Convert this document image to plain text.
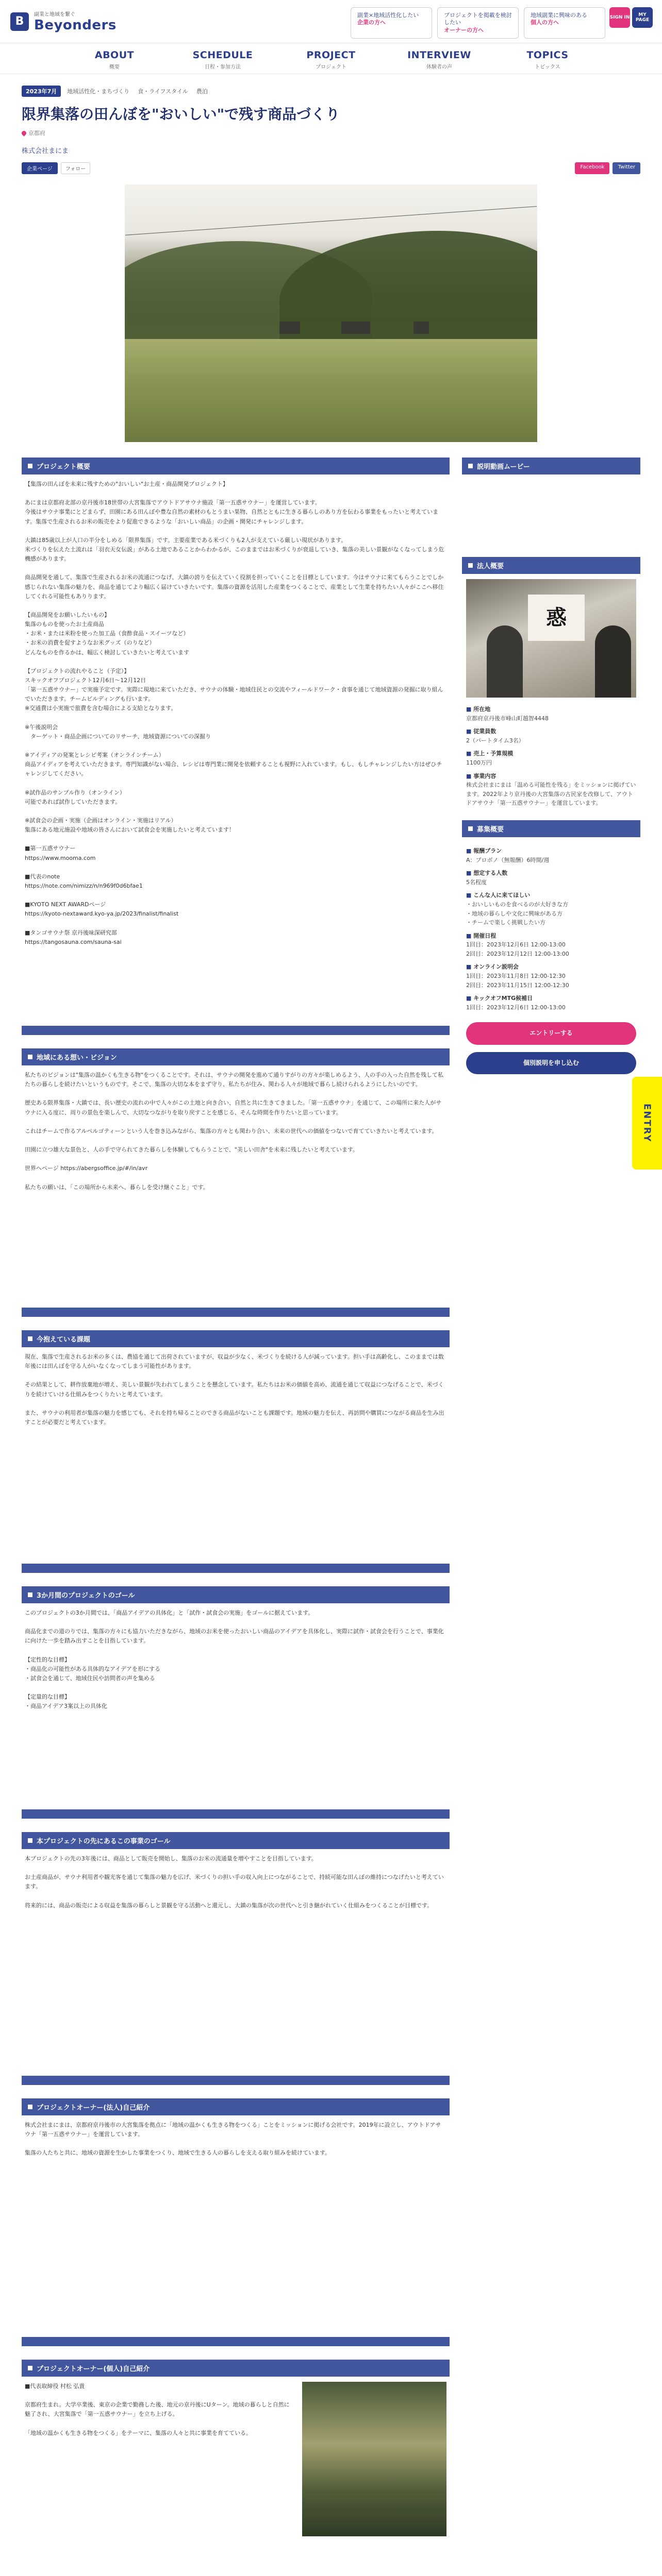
B
副業と地域を繋ぐ
Beyonders
副業×地域活性化したい
企業の方へ
プロジェクトを掲載を検討したい
オーナーの方へ
地域副業に興味のある
個人の方へ
SIGN IN	MY PAGE
ABOUT
概要
SCHEDULE
日程・参加方法
PROJECT
プロジェクト
INTERVIEW
体験者の声
TOPICS
トピックス
2023年7月	地域活性化・まちづくり	食・ライフスタイル	農泊
限界集落の田んぼを"おいしい"で残す商品づくり
京都府
株式会社まにま
企業ページ	フォロー	Facebook	Twitter
プロジェクト概要
【集落の田んぼを未来に残すための"おいしい"お土産・商品開発プロジェクト】

あにまは京都府北部の京丹後市18世帯の大宮集落でアウトドアサウナ施設「第一五惑サウナー」を運営しています。
今後はサウナ事業にとどまらず、田園にある田んぼや豊な自然の素材のもとうまい果物、自然とともに生きる暮らしのあり方を伝わる事業をもったいと考えています。集落で生産されるお米の販売をより促進できるような「おいしい商品」の企画・開発にチャレンジします。

大鎮は85歳以上が人口の半分をしめる「限界集落」です。主要産業である米づくりも2人が支えている厳しい現状があります。
米づくりを伝えた土流れは「羽衣天女伝説」がある土地であることからわかるが、このままではお米づくりが衰退していき、集落の美しい景観がなくなってしまう危機感があります。

商品開発を通して、集落で生産されるお米の流通につなげ、大鎮の誇りを伝えていく役割を担っていくことを目標としています。今はサウナに来てもらうことでしか感じられない集落の魅力を、商品を通じてより幅広く届けていきたいです。集落の資源を活用した産業をつくることで、産業として生業を持ちたい人々がここへ移住してくれる可能性もありります。

【商品開発をお願いしたいもの】
集落のものを使ったお土産商品
・お米・または米粉を使った加工品（食酢食品・スイーツなど）
・お米の消費を促すようなお米グッズ（のりなど）
どんなものを作るかは、幅広く検討していきたいと考えています

【プロジェクトの流れやること（予定）】
スキックオフプロジェクト12月6日〜12月12日
「第一五惑サウナー」で実施予定です。実際に現地に来ていただき、サウナの体験・地域住民との交流やフィールドワーク・食事を通じて地域資源の発掘に取り組んでいただきます。チームビルディングも行います。
※交通費は小実施で旅費を含む場合による支給となります。

※午後説明会
　ターゲット・商品企画についてのリサーチ、地域資源についての深掘り

※アイディアの発案とレシピ考案（オンラインチーム）
商品アイディアを考えていただきます。専門知識がない場合、レシピは専門業に開発を依頼することも視野に入れています。もし、もしチャレンジしたい方はぜひチャレンジしてください。

※試作品のサンプル作り（オンライン）
可能であれば試作していただきます。

※試食会の企画・実施（企画はオンライン・実施はリアル）
集落にある地元施設や地域の皆さんにおいて試食会を実施したいと考えています！

■第一五惑サウナー
https://www.mooma.com

■代表のnote
https://note.com/nimizz/n/n969f0d6bfae1

■KYOTO NEXT AWARDページ
https://kyoto-nextaward.kyo-ya.jp/2023/finalist/finalist

■タンゴサウナ祭 京丹後味深研究部
https://tangosauna.com/sauna-sai
地域にある想い・ビジョン
私たちのビジョンは"集落の温かくも生きる物"をつくることです。それは、サウナの開発を進めて通りすがりの方々が楽しめるよう、人の手の入った自然を残して私たちの暮らしを続けたいというものです。そこで、集落の大切な本をまず守り、私たちが住み、関わる人々が地域で暮らし続けられるようにしたいのです。

歴史ある限界集落・大鎮では、長い歴史の流れの中で人々がこの土地と向き合い、自然と共に生きてきました。「第一五惑サウナ」を通じて、この場所に来た人がサウナに入る度に、周りの景色を楽しんで、大切なつながりを取り戻すことを感じる、そんな時間を作りたいと思っています。

これはチームで作るアルペルゴティーンという人を巻き込みながら、集落の方々とも関わり合い、未来の世代への価値をつないで育てていきたいと考えています。

田園に立つ雄大な景色と、人の手で守られてきた暮らしを体験してもらうことで、"美しい田舎"を未来に残したいと考えています。

世界へページ https://abergsoffice.jp/#/in/avr

私たちの願いは、「この場所から未来へ、暮らしを受け継ぐこと」です。
今抱えている課題
現在、集落で生産されるお米の多くは、農協を通じて出荷されていますが、収益が少なく、米づくりを続ける人が減っています。担い手は高齢化し、このままでは数年後には田んぼを守る人がいなくなってしまう可能性があります。

その結果として、耕作放棄地が増え、美しい景観が失われてしまうことを懸念しています。私たちはお米の価値を高め、流通を通じて収益につなげることで、米づくりを続けていける仕組みをつくりたいと考えています。

また、サウナの利用者が集落の魅力を感じても、それを持ち帰ることのできる商品がないことも課題です。地域の魅力を伝え、再訪問や購買につながる商品を生み出すことが必要だと考えています。
3か月間のプロジェクトのゴール
このプロジェクトの3か月間では、「商品アイデアの具体化」と「試作・試食会の実施」をゴールに据えています。

商品化までの道のりでは、集落の方々にも協力いただきながら、地域のお米を使ったおいしい商品のアイデアを具体化し、実際に試作・試食会を行うことで、事業化に向けた一歩を踏み出すことを目指しています。

【定性的な目標】
・商品化の可能性がある具体的なアイデアを形にする
・試食会を通じて、地域住民や訪問者の声を集める

【定量的な目標】
・商品アイデア3案以上の具体化
本プロジェクトの先にあるこの事業のゴール
本プロジェクトの先の3年後には、商品として販売を開始し、集落のお米の流通量を増やすことを目指しています。

お土産商品が、サウナ利用者や観光客を通じて集落の魅力を広げ、米づくりの担い手の収入向上につながることで、持続可能な田んぼの維持につなげたいと考えています。

将来的には、商品の販売による収益を集落の暮らしと景観を守る活動へと還元し、大鎮の集落が次の世代へと引き継がれていく仕組みをつくることが目標です。
プロジェクトオーナー(法人)自己紹介
株式会社まにまは、京都府京丹後市の大宮集落を拠点に「地域の温かくも生きる物をつくる」ことをミッションに掲げる会社です。2019年に設立し、アウトドアサウナ「第一五惑サウナー」を運営しています。

集落の人たちと共に、地域の資源を生かした事業をつくり、地域で生きる人の暮らしを支える取り組みを続けています。
プロジェクトオーナー(個人)自己紹介
■代表取締役 村松 弘貴

京都府生まれ。大学卒業後、東京の企業で勤務した後、地元の京丹後にUターン。地域の暮らしと自然に魅了され、大宮集落で「第一五惑サウナー」を立ち上げる。

「地域の温かくも生きる物をつくる」をテーマに、集落の人々と共に事業を育てている。
説明動画ムービー
法人概要
惑
■ 所在地
京都府京丹後市峰山町越智4448
■ 従業員数
2（パートタイム3名）
■ 売上・予算規模
1100万円
■ 事業内容
株式会社まにまは「温める可能性を残る」をミッションに掲げています。2022年より京丹後の大宮集落の古民家を改修して、アウトドアサウナ「第一五惑サウナー」を運営しています。
募集概要
■ 報酬プラン
A：プロボノ（無報酬）6時間/週
■ 想定する人数
5名程度
■ こんな人に来てほしい
・おいしいものを食べるのが大好きな方
・地域の暮らしや文化に興味がある方
・チームで楽しく挑戦したい方
■ 開催日程
1回目：2023年12月6日 12:00-13:00
2回目：2023年12月12日 12:00-13:00
■ オンライン説明会
1回目：2023年11月8日 12:00-12:30
2回目：2023年11月15日 12:00-12:30
■ キックオフMTG候補日
1回目：2023年12月6日 12:00-13:00
エントリーする
個別説明を申し込む
ENTRY
